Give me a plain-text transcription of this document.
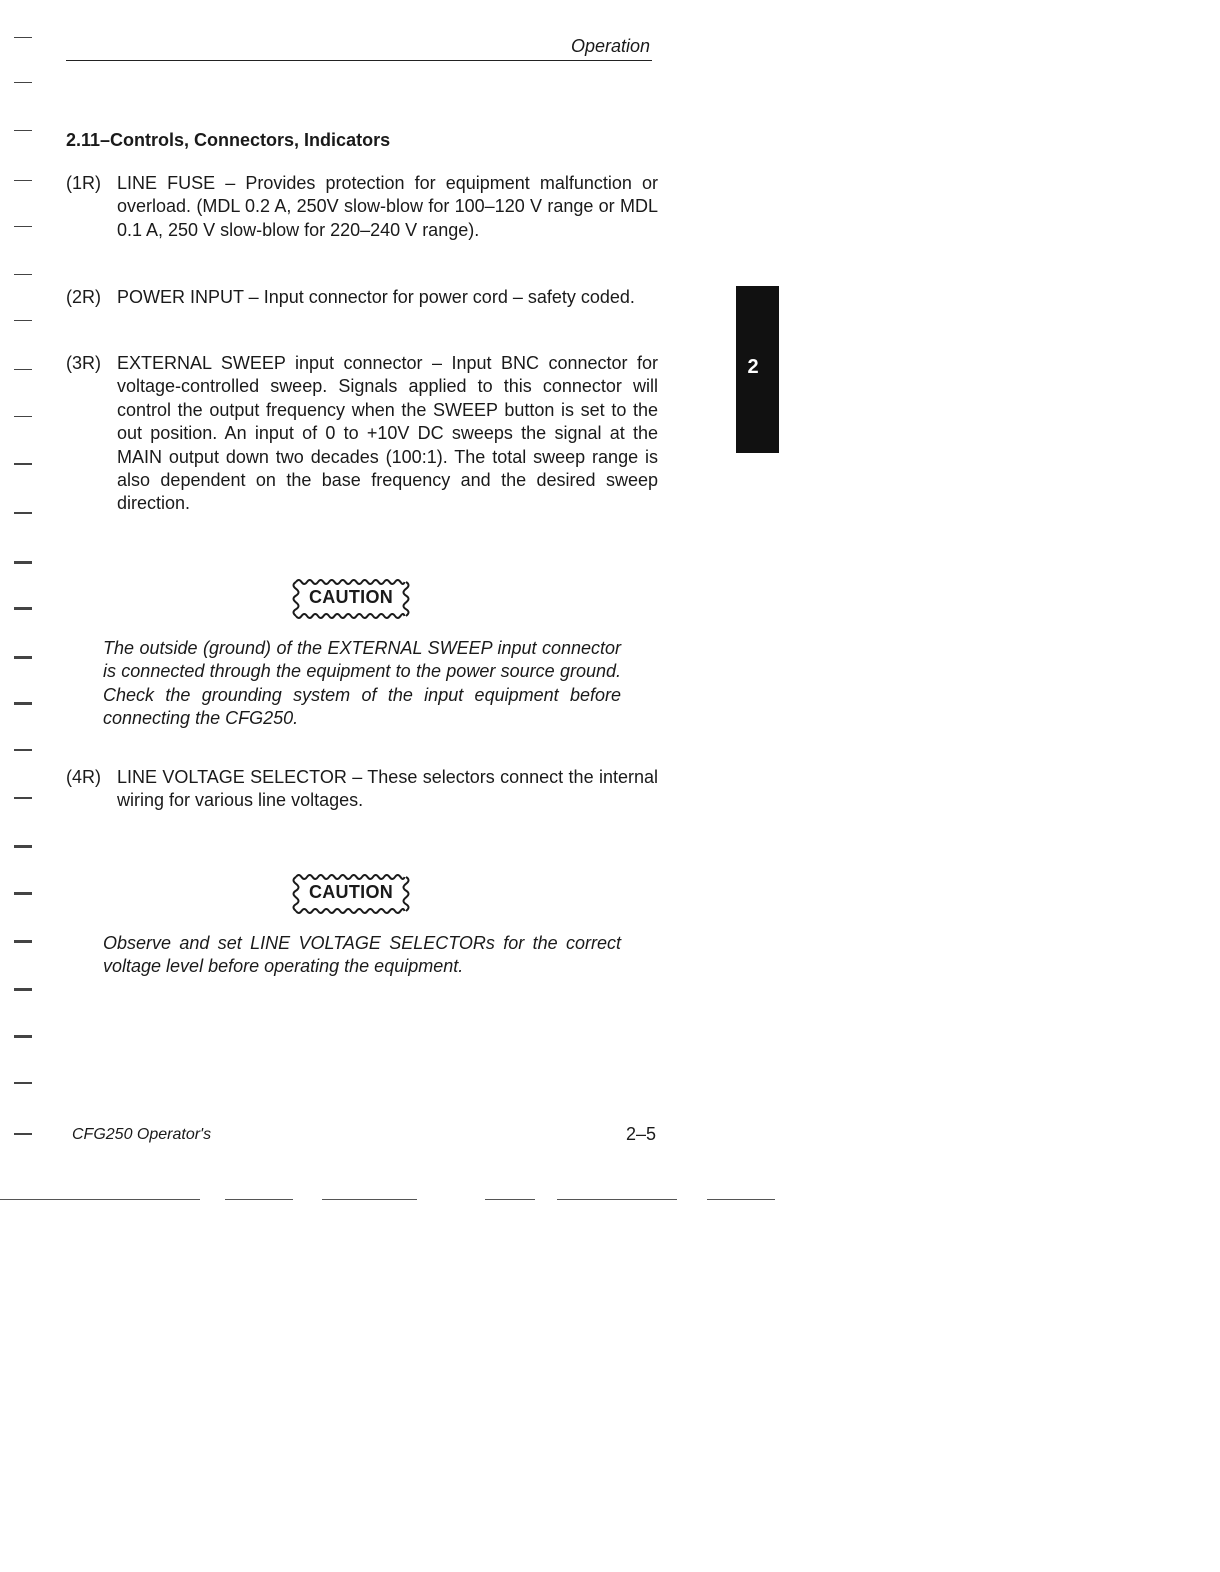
Operation
2.11–Controls, Connectors, Indicators
(1R) LINE FUSE – Provides protection for equipment malfunction or overload. (MDL 0.2 A, 250V slow-blow for 100–120 V range or MDL 0.1 A, 250 V slow-blow for 220–240 V range).
(2R) POWER INPUT – Input connector for power cord – safety coded.
(3R) EXTERNAL SWEEP input connector – Input BNC connector for voltage-controlled sweep. Signals applied to this connector will control the output frequency when the SWEEP button is set to the out position. An input of 0 to +10V DC sweeps the signal at the MAIN output down two decades (100:1). The total sweep range is also dependent on the base frequency and the desired sweep direction.
CAUTION
The outside (ground) of the EXTERNAL SWEEP input connector is connected through the equipment to the power source ground. Check the grounding system of the input equipment before connecting the CFG250.
(4R) LINE VOLTAGE SELECTOR – These selectors connect the internal wiring for various line voltages.
CAUTION
Observe and set LINE VOLTAGE SELECTORs for the correct voltage level before operating the equipment.
2
CFG250 Operator's	2–5
